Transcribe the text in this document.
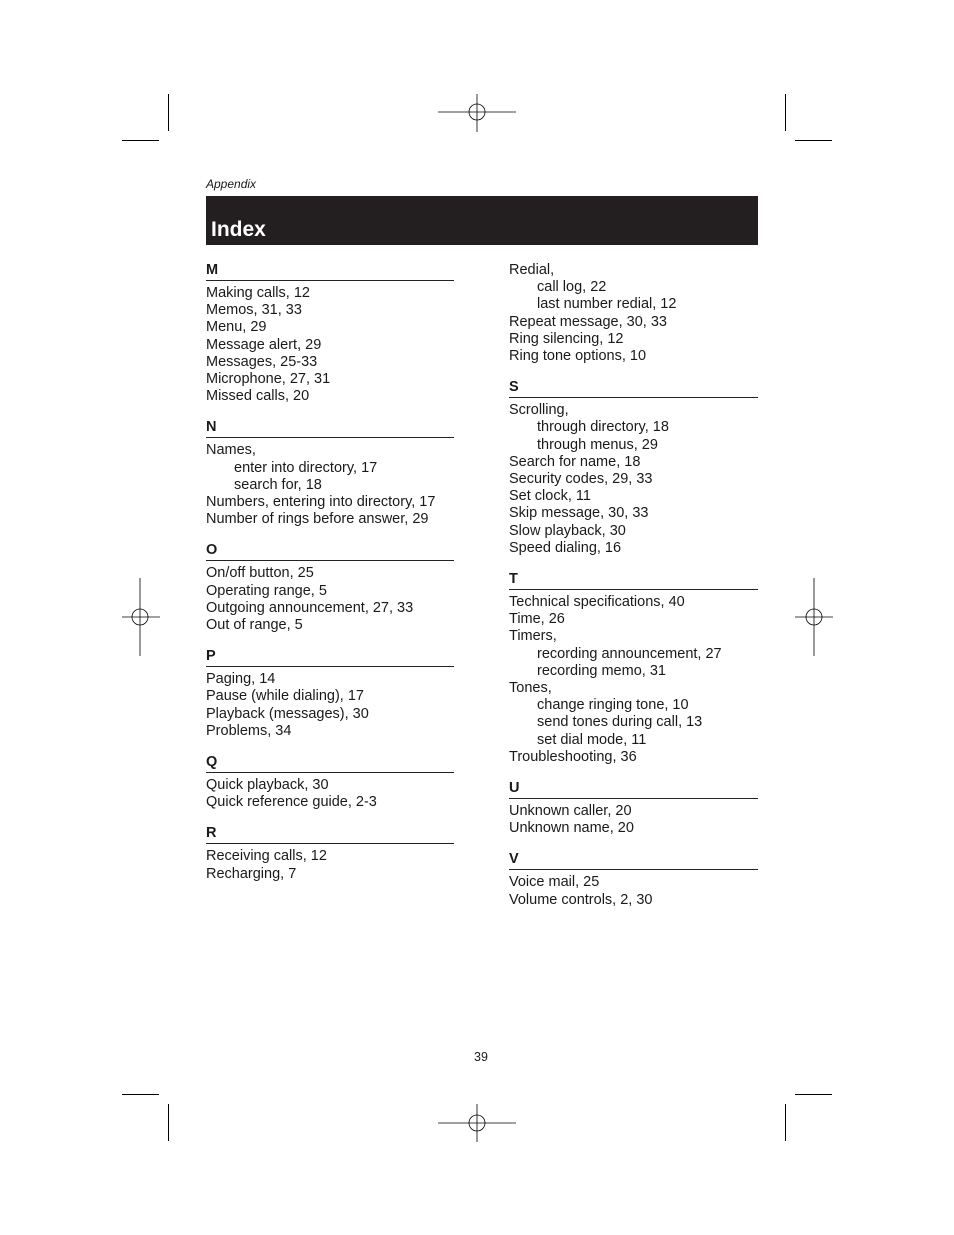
Appendix
Index
M
Making calls, 12
Memos, 31, 33
Menu, 29
Message alert, 29
Messages, 25-33
Microphone, 27, 31
Missed calls, 20
N
Names,
enter into directory, 17
search for, 18
Numbers, entering into directory, 17
Number of rings before answer, 29
O
On/off button, 25
Operating range, 5
Outgoing announcement, 27, 33
Out of range, 5
P
Paging, 14
Pause (while dialing), 17
Playback (messages), 30
Problems, 34
Q
Quick playback, 30
Quick reference guide, 2-3
R
Receiving calls, 12
Recharging, 7
Redial,
call log, 22
last number redial, 12
Repeat message, 30, 33
Ring silencing, 12
Ring tone options, 10
S
Scrolling,
through directory, 18
through menus, 29
Search for name, 18
Security codes, 29, 33
Set clock, 11
Skip message, 30, 33
Slow playback, 30
Speed dialing, 16
T
Technical specifications, 40
Time, 26
Timers,
recording announcement, 27
recording memo, 31
Tones,
change ringing tone, 10
send tones during call, 13
set dial mode, 11
Troubleshooting, 36
U
Unknown caller, 20
Unknown name, 20
V
Voice mail, 25
Volume controls, 2, 30
39
